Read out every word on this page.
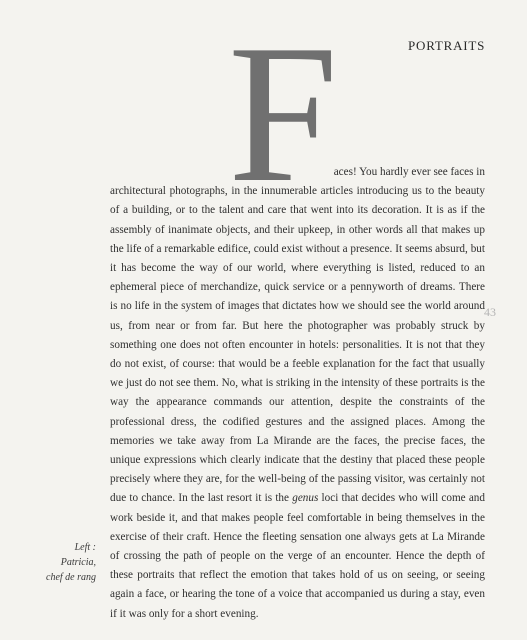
PORTRAITS
F
43

aces! You hardly ever see faces in
architectural photographs, in the innumerable articles introducing us to the beauty of a building, or to the talent and care that went into its decoration. It is as if the assembly of inanimate objects, and their upkeep, in other words all that makes up the life of a remarkable edifice, could exist without a presence. It seems absurd, but it has become the way of our world, where everything is listed, reduced to an ephemeral piece of merchandize, quick service or a pennyworth of dreams. There is no life in the system of images that dictates how we should see the world around us, from near or from far. But here the photographer was probably struck by something one does not often encounter in hotels: personalities. It is not that they do not exist, of course: that would be a feeble explanation for the fact that usually we just do not see them. No, what is striking in the intensity of these portraits is the way the appearance commands our attention, despite the constraints of the professional dress, the codified gestures and the assigned places. Among the memories we take away from La Mirande are the faces, the precise faces, the unique expressions which clearly indicate that the destiny that placed these people precisely where they are, for the well-being of the passing visitor, was certainly not due to chance. In the last resort it is the genus loci that decides who will come and work beside it, and that makes people feel comfortable in being themselves in the exercise of their craft. Hence the fleeting sensation one always gets at La Mirande of crossing the path of people on the verge of an encounter. Hence the depth of these portraits that reflect the emotion that takes hold of us on seeing, or seeing again a face, or hearing the tone of a voice that accompanied us during a stay, even if it was only for a short evening.

Left :
Patricia,
chef de rang
